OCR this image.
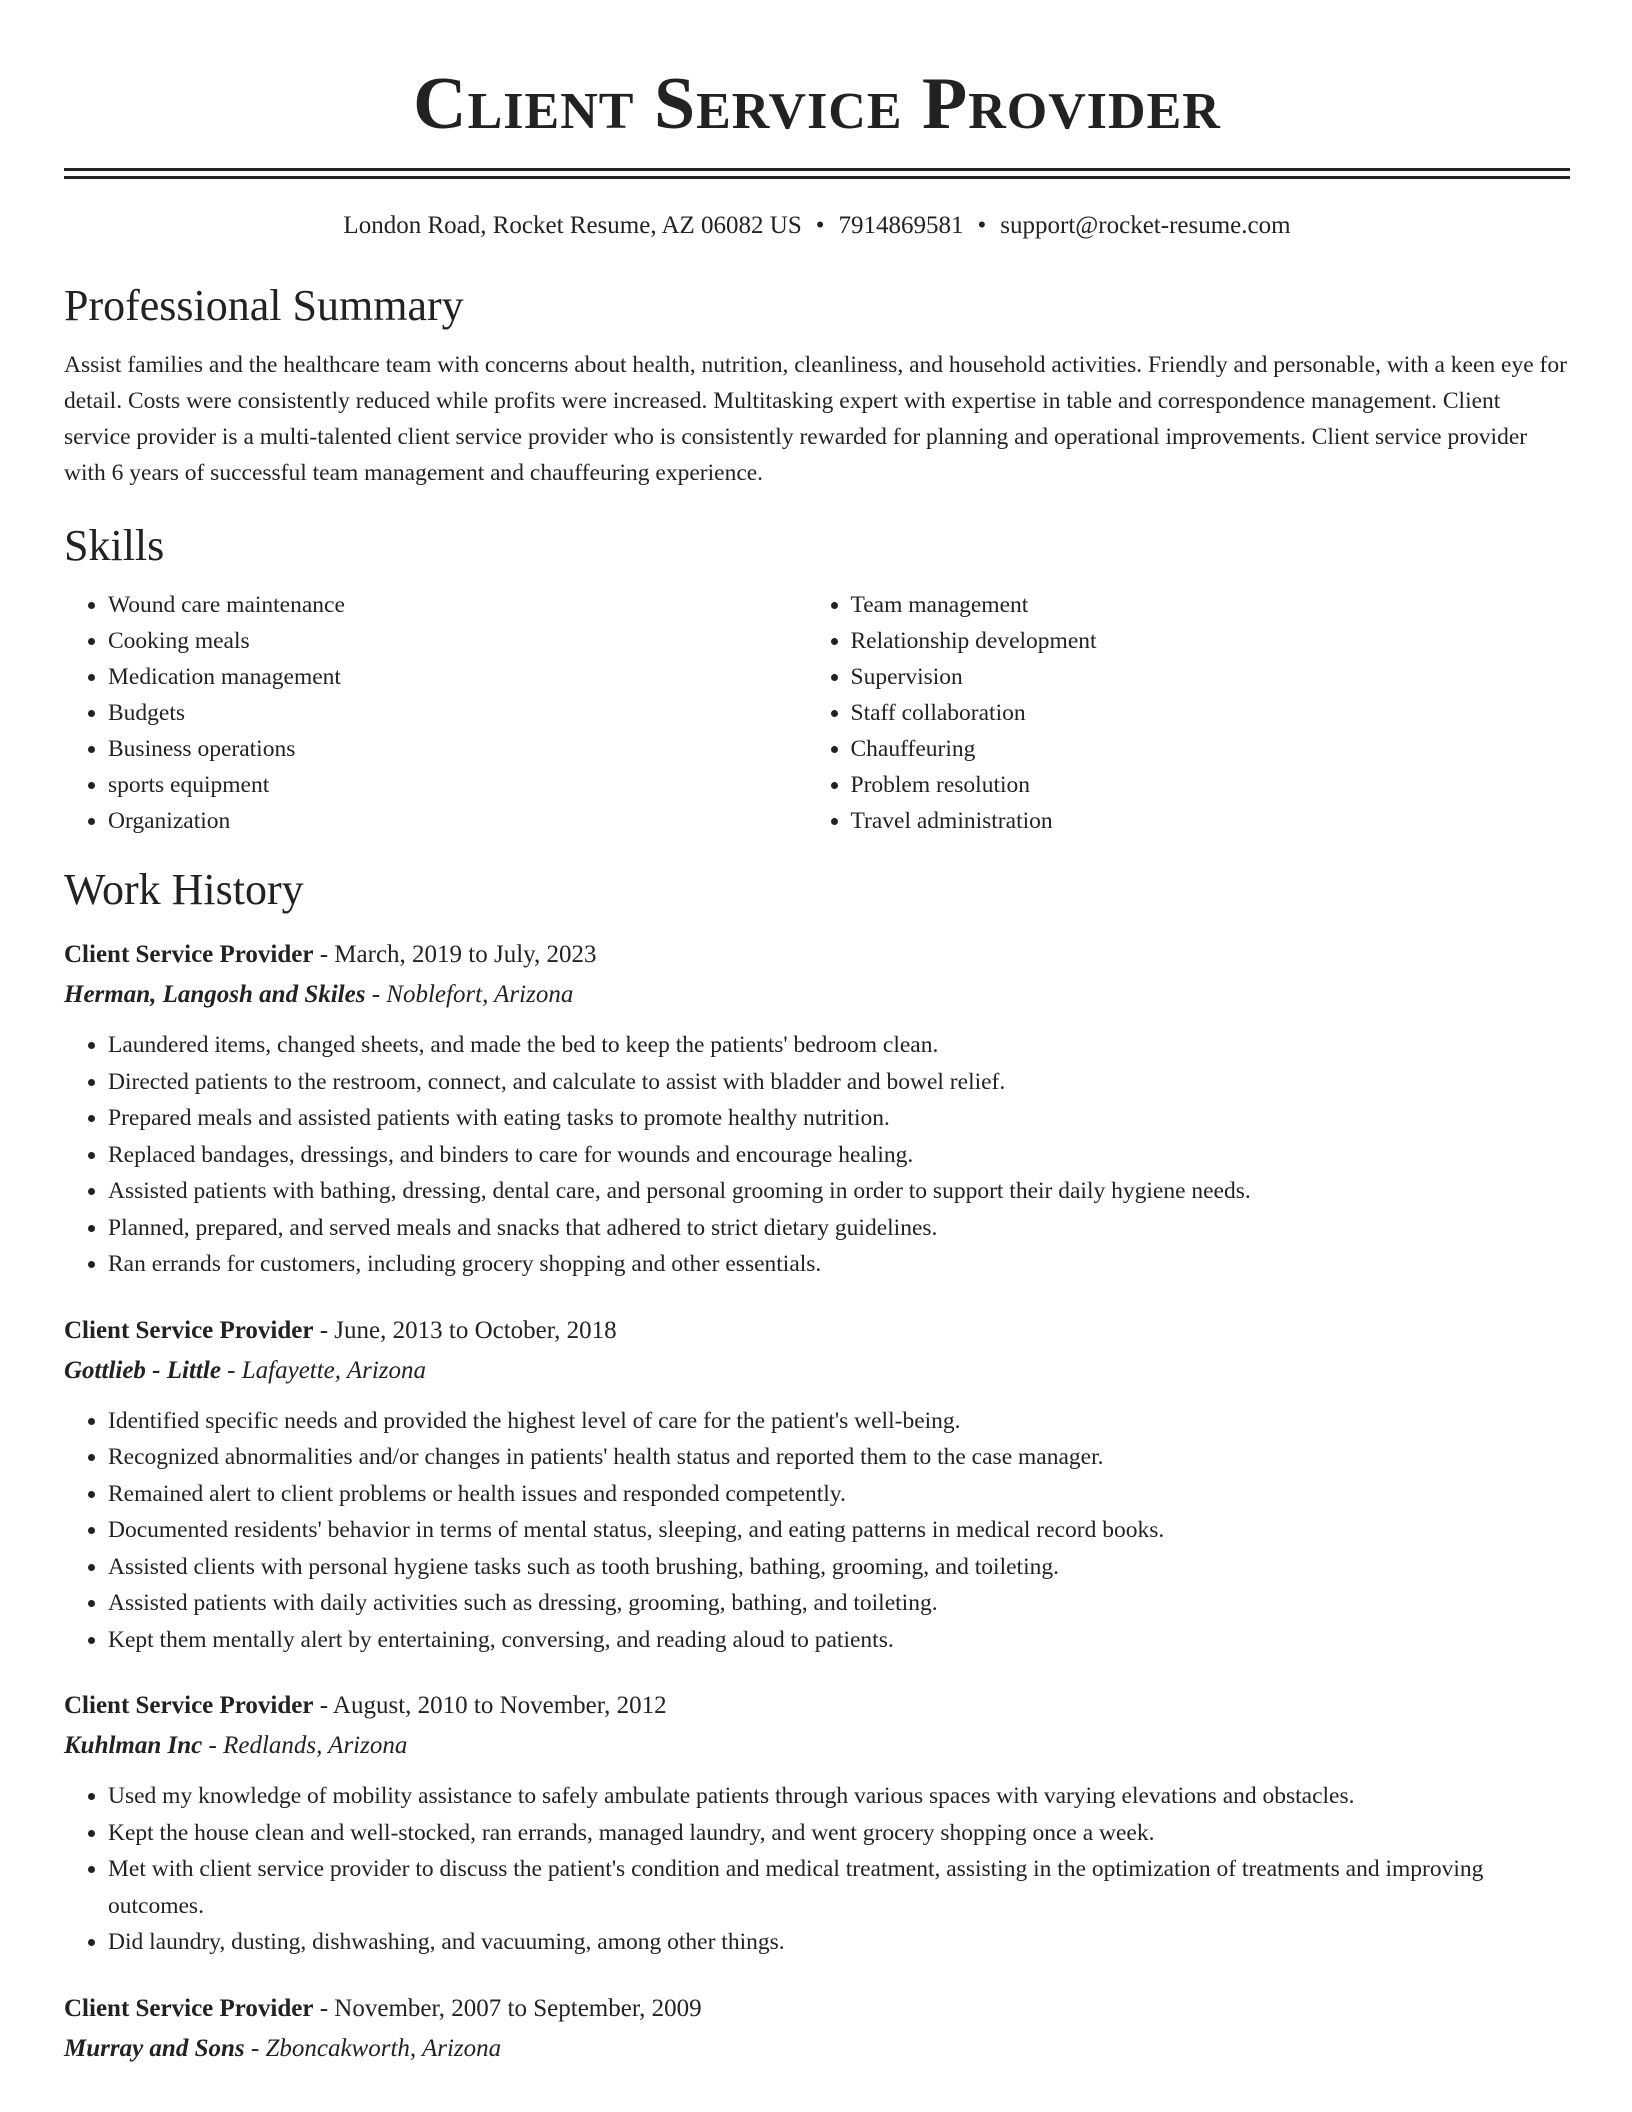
Client Service Provider
London Road, Rocket Resume, AZ 06082 US • 7914869581 • support@rocket-resume.com
Professional Summary
Assist families and the healthcare team with concerns about health, nutrition, cleanliness, and household activities. Friendly and personable, with a keen eye for detail. Costs were consistently reduced while profits were increased. Multitasking expert with expertise in table and correspondence management. Client service provider is a multi-talented client service provider who is consistently rewarded for planning and operational improvements. Client service provider with 6 years of successful team management and chauffeuring experience.
Skills
• Wound care maintenance
• Cooking meals
• Medication management
• Budgets
• Business operations
• sports equipment
• Organization
• Team management
• Relationship development
• Supervision
• Staff collaboration
• Chauffeuring
• Problem resolution
• Travel administration
Work History
Client Service Provider - March, 2019 to July, 2023
Herman, Langosh and Skiles - Noblefort, Arizona
• Laundered items, changed sheets, and made the bed to keep the patients' bedroom clean.
• Directed patients to the restroom, connect, and calculate to assist with bladder and bowel relief.
• Prepared meals and assisted patients with eating tasks to promote healthy nutrition.
• Replaced bandages, dressings, and binders to care for wounds and encourage healing.
• Assisted patients with bathing, dressing, dental care, and personal grooming in order to support their daily hygiene needs.
• Planned, prepared, and served meals and snacks that adhered to strict dietary guidelines.
• Ran errands for customers, including grocery shopping and other essentials.
Client Service Provider - June, 2013 to October, 2018
Gottlieb - Little - Lafayette, Arizona
• Identified specific needs and provided the highest level of care for the patient's well-being.
• Recognized abnormalities and/or changes in patients' health status and reported them to the case manager.
• Remained alert to client problems or health issues and responded competently.
• Documented residents' behavior in terms of mental status, sleeping, and eating patterns in medical record books.
• Assisted clients with personal hygiene tasks such as tooth brushing, bathing, grooming, and toileting.
• Assisted patients with daily activities such as dressing, grooming, bathing, and toileting.
• Kept them mentally alert by entertaining, conversing, and reading aloud to patients.
Client Service Provider - August, 2010 to November, 2012
Kuhlman Inc - Redlands, Arizona
• Used my knowledge of mobility assistance to safely ambulate patients through various spaces with varying elevations and obstacles.
• Kept the house clean and well-stocked, ran errands, managed laundry, and went grocery shopping once a week.
• Met with client service provider to discuss the patient's condition and medical treatment, assisting in the optimization of treatments and improving outcomes.
• Did laundry, dusting, dishwashing, and vacuuming, among other things.
Client Service Provider - November, 2007 to September, 2009
Murray and Sons - Zboncakworth, Arizona
